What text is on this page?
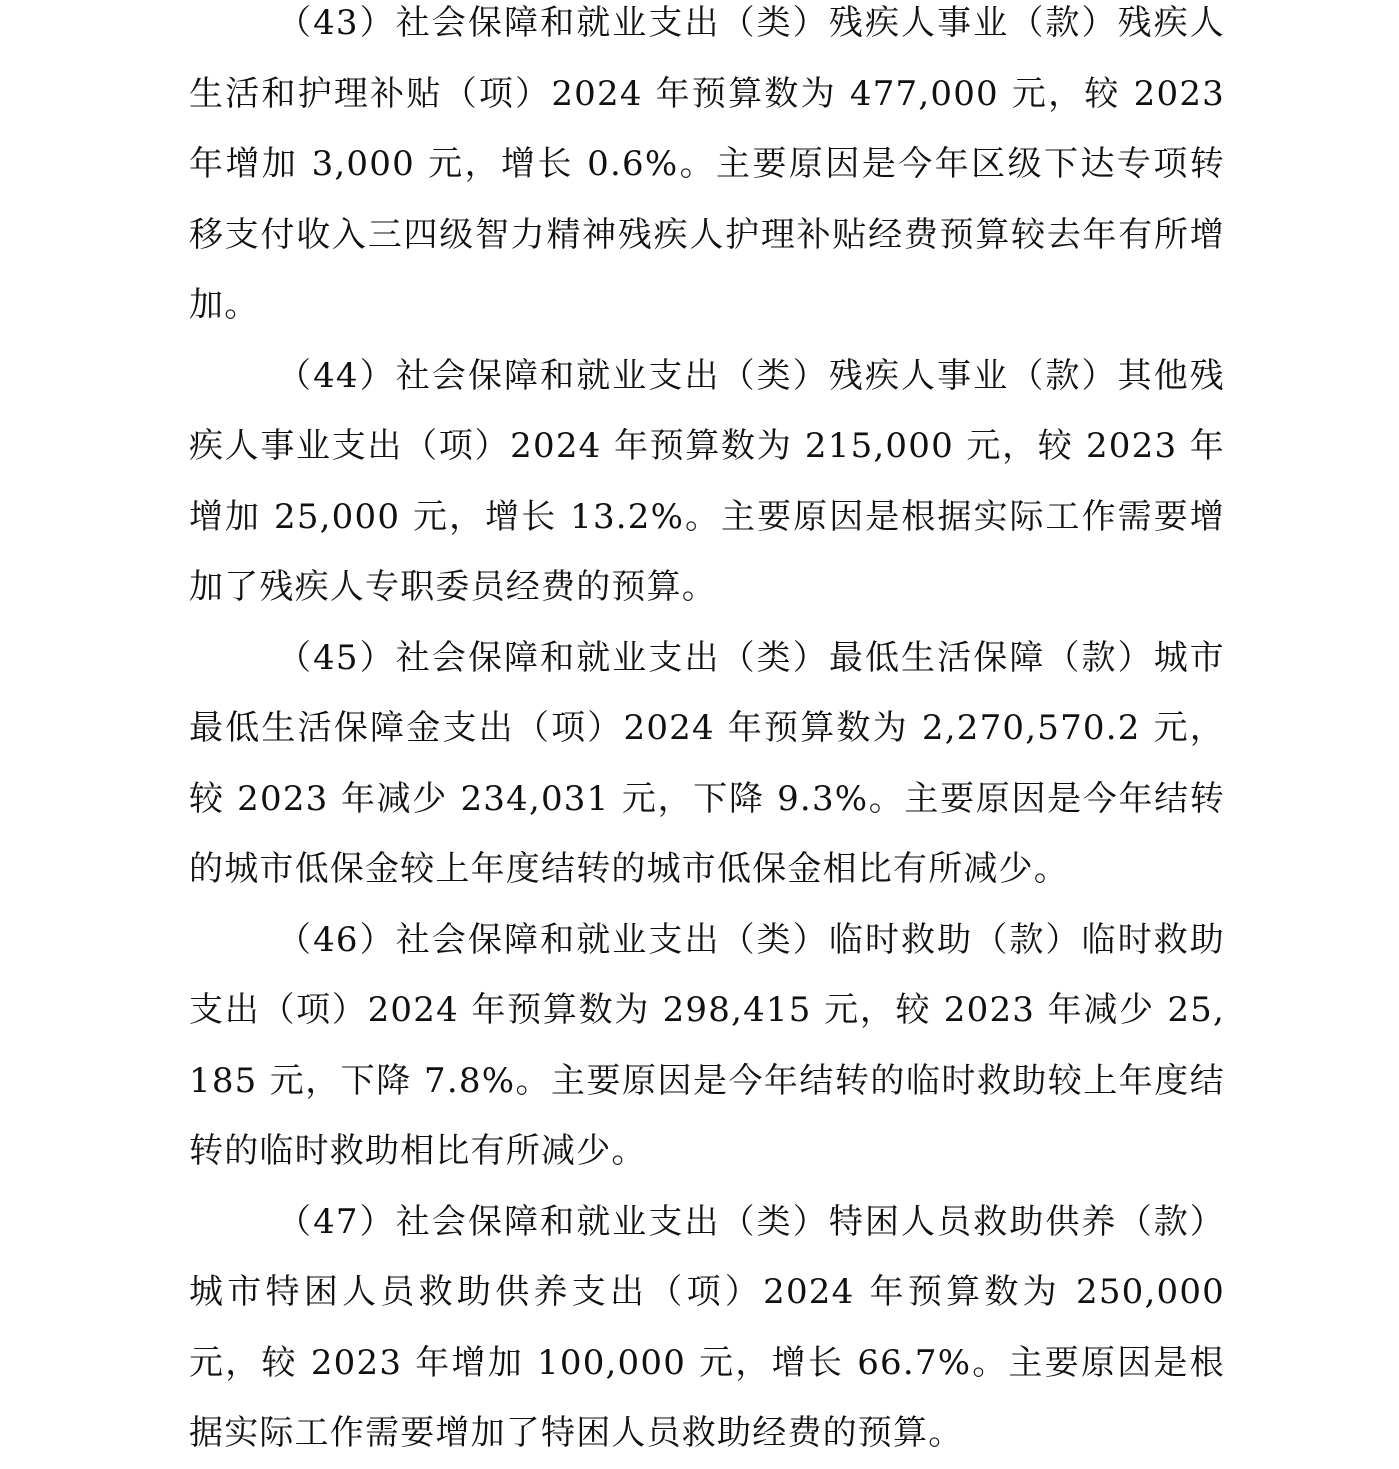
（43）社会保障和就业支出（类）残疾人事业（款）残疾人生活和护理补贴（项）2024 年预算数为 477,000 元，较 2023 年增加 3,000 元，增长 0.6%。主要原因是今年区级下达专项转移支付收入三四级智力精神残疾人护理补贴经费预算较去年有所增加。

（44）社会保障和就业支出（类）残疾人事业（款）其他残疾人事业支出（项）2024 年预算数为 215,000 元，较 2023 年增加 25,000 元，增长 13.2%。主要原因是根据实际工作需要增加了残疾人专职委员经费的预算。

（45）社会保障和就业支出（类）最低生活保障（款）城市最低生活保障金支出（项）2024 年预算数为 2,270,570.2 元，较 2023 年减少 234,031 元，下降 9.3%。主要原因是今年结转的城市低保金较上年度结转的城市低保金相比有所减少。

（46）社会保障和就业支出（类）临时救助（款）临时救助支出（项）2024 年预算数为 298,415 元，较 2023 年减少 25,185 元，下降 7.8%。主要原因是今年结转的临时救助较上年度结转的临时救助相比有所减少。

（47）社会保障和就业支出（类）特困人员救助供养（款）城市特困人员救助供养支出（项）2024 年预算数为 250,000 元，较 2023 年增加 100,000 元，增长 66.7%。主要原因是根据实际工作需要增加了特困人员救助经费的预算。
